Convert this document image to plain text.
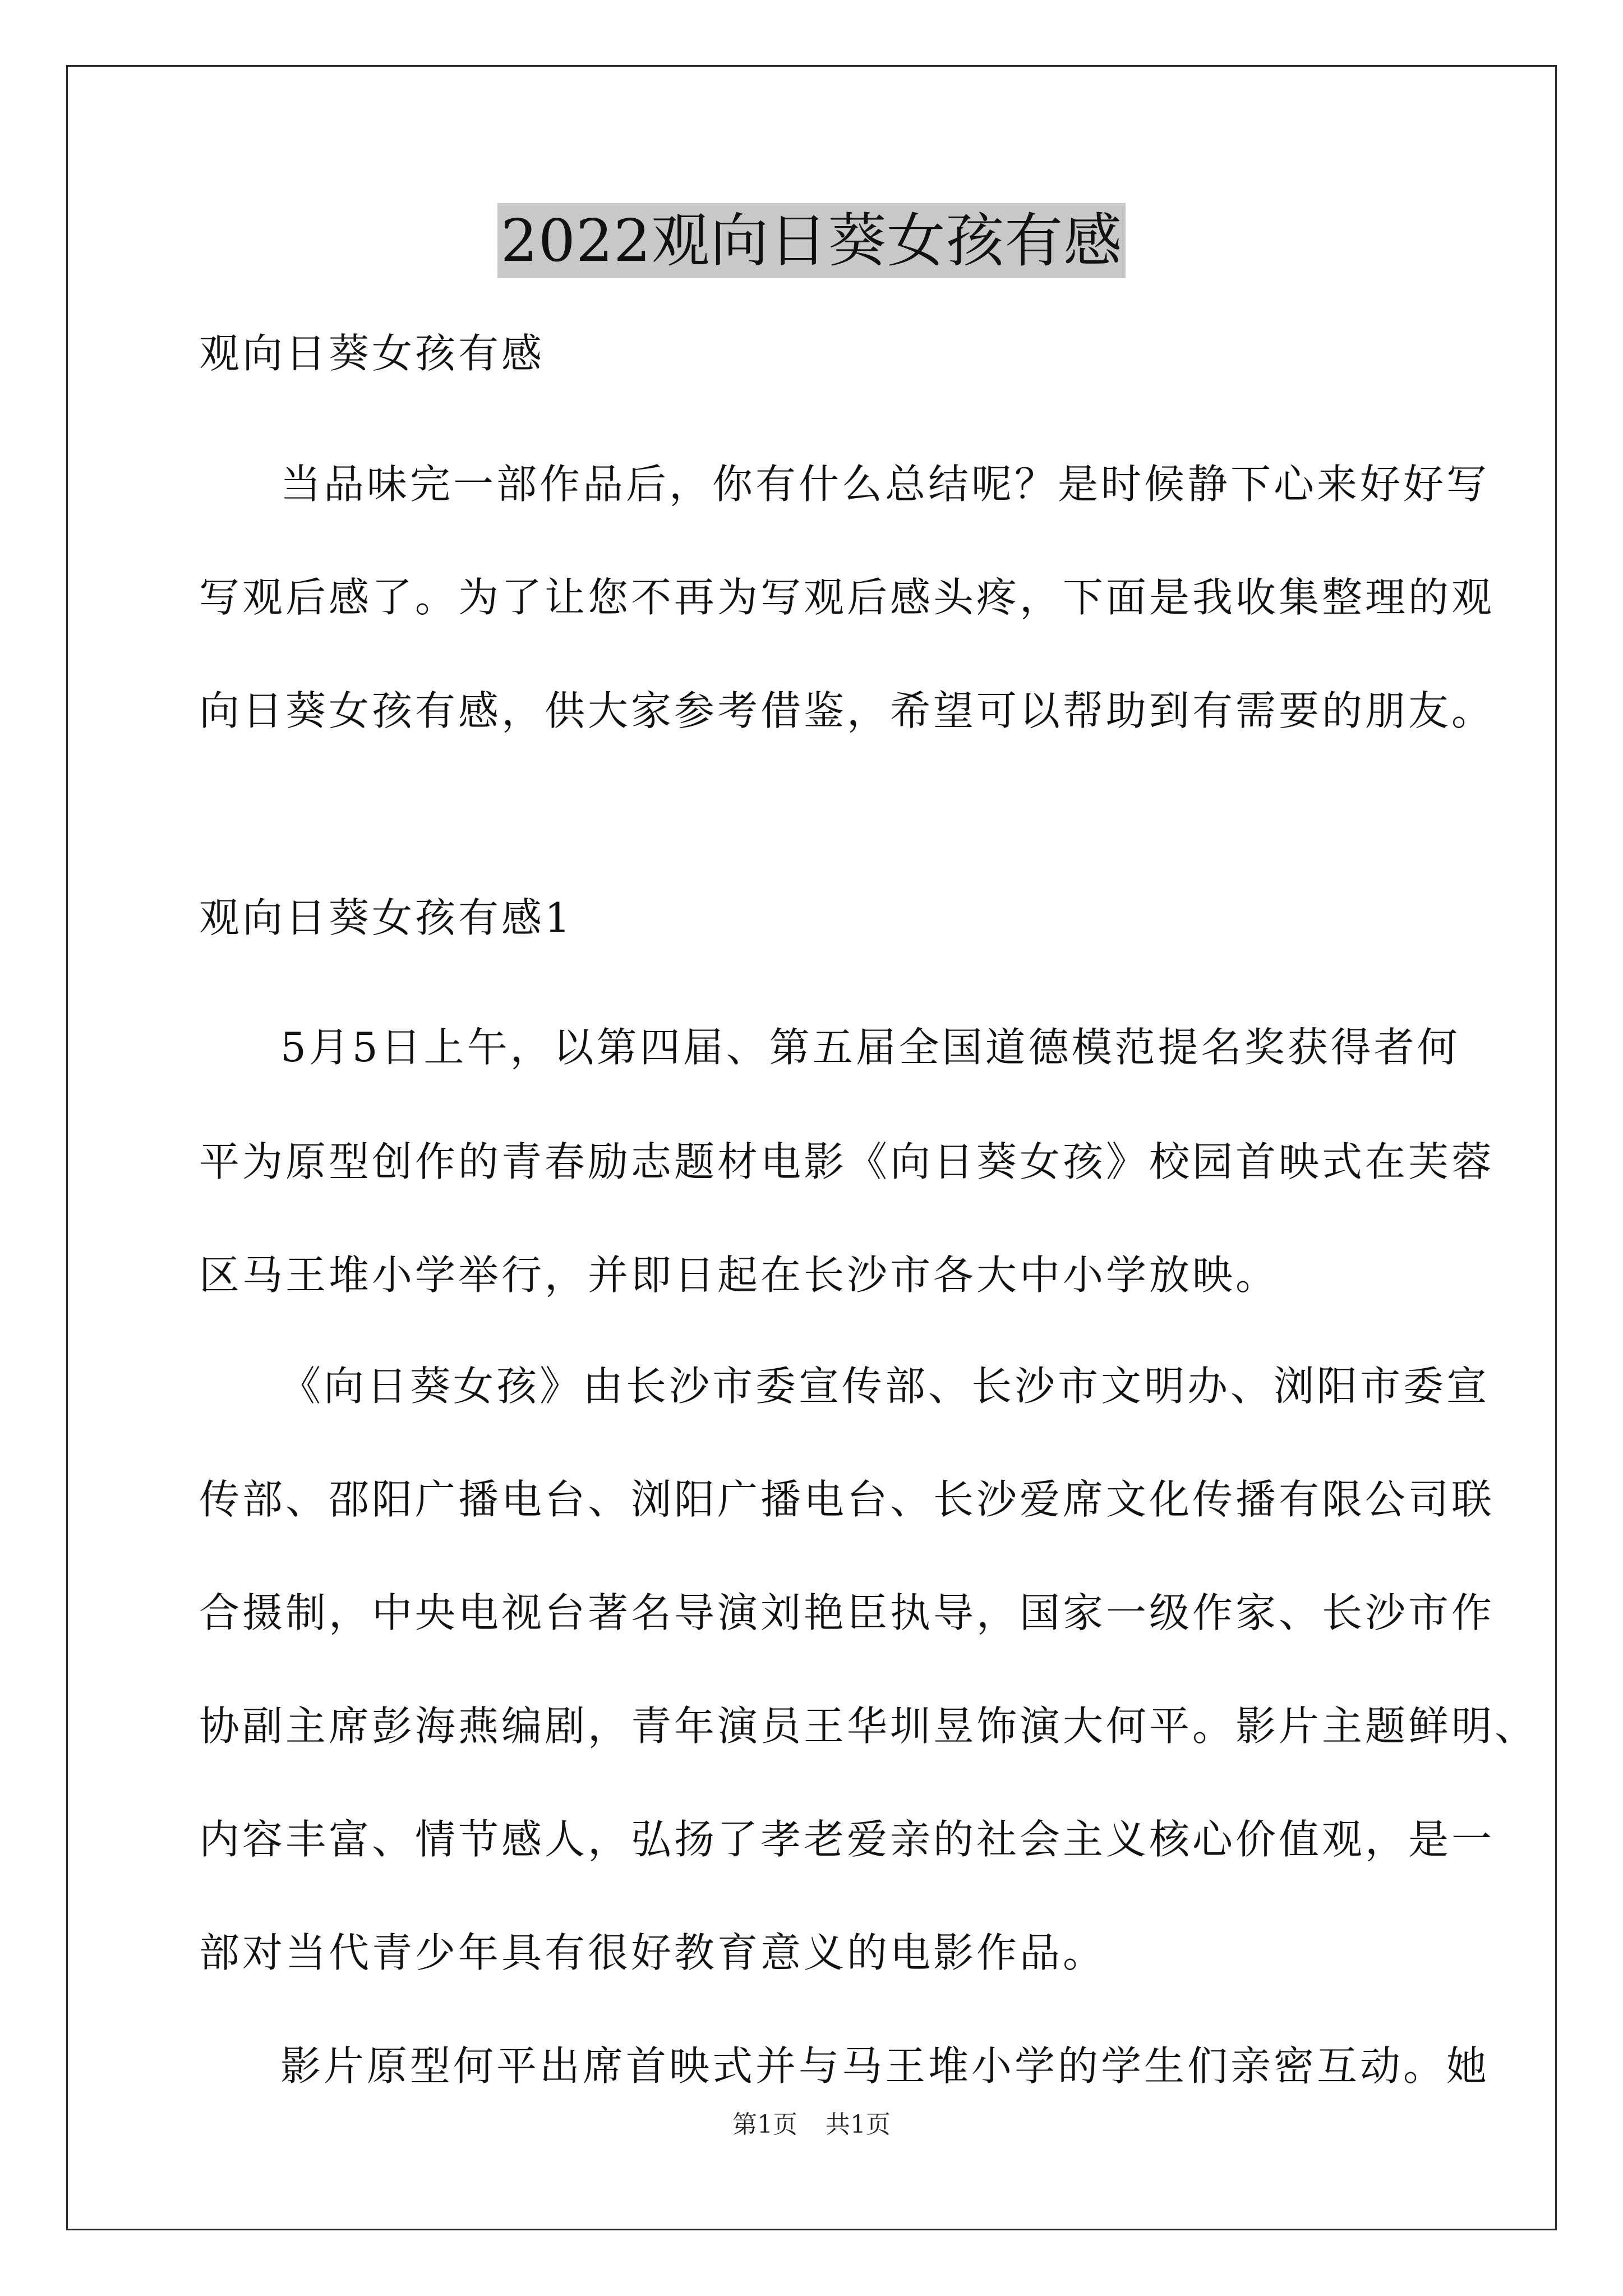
2022观向日葵女孩有感
观向日葵女孩有感
当品味完一部作品后，你有什么总结呢？是时候静下心来好好写
写观后感了。为了让您不再为写观后感头疼，下面是我收集整理的观
向日葵女孩有感，供大家参考借鉴，希望可以帮助到有需要的朋友。
观向日葵女孩有感1
5月5日上午，以第四届、第五届全国道德模范提名奖获得者何
平为原型创作的青春励志题材电影《向日葵女孩》校园首映式在芙蓉
区马王堆小学举行，并即日起在长沙市各大中小学放映。
《向日葵女孩》由长沙市委宣传部、长沙市文明办、浏阳市委宣
传部、邵阳广播电台、浏阳广播电台、长沙爱席文化传播有限公司联
合摄制，中央电视台著名导演刘艳臣执导，国家一级作家、长沙市作
协副主席彭海燕编剧，青年演员王华圳昱饰演大何平。影片主题鲜明、
内容丰富、情节感人，弘扬了孝老爱亲的社会主义核心价值观，是一
部对当代青少年具有很好教育意义的电影作品。
影片原型何平出席首映式并与马王堆小学的学生们亲密互动。她
第1页 共1页
